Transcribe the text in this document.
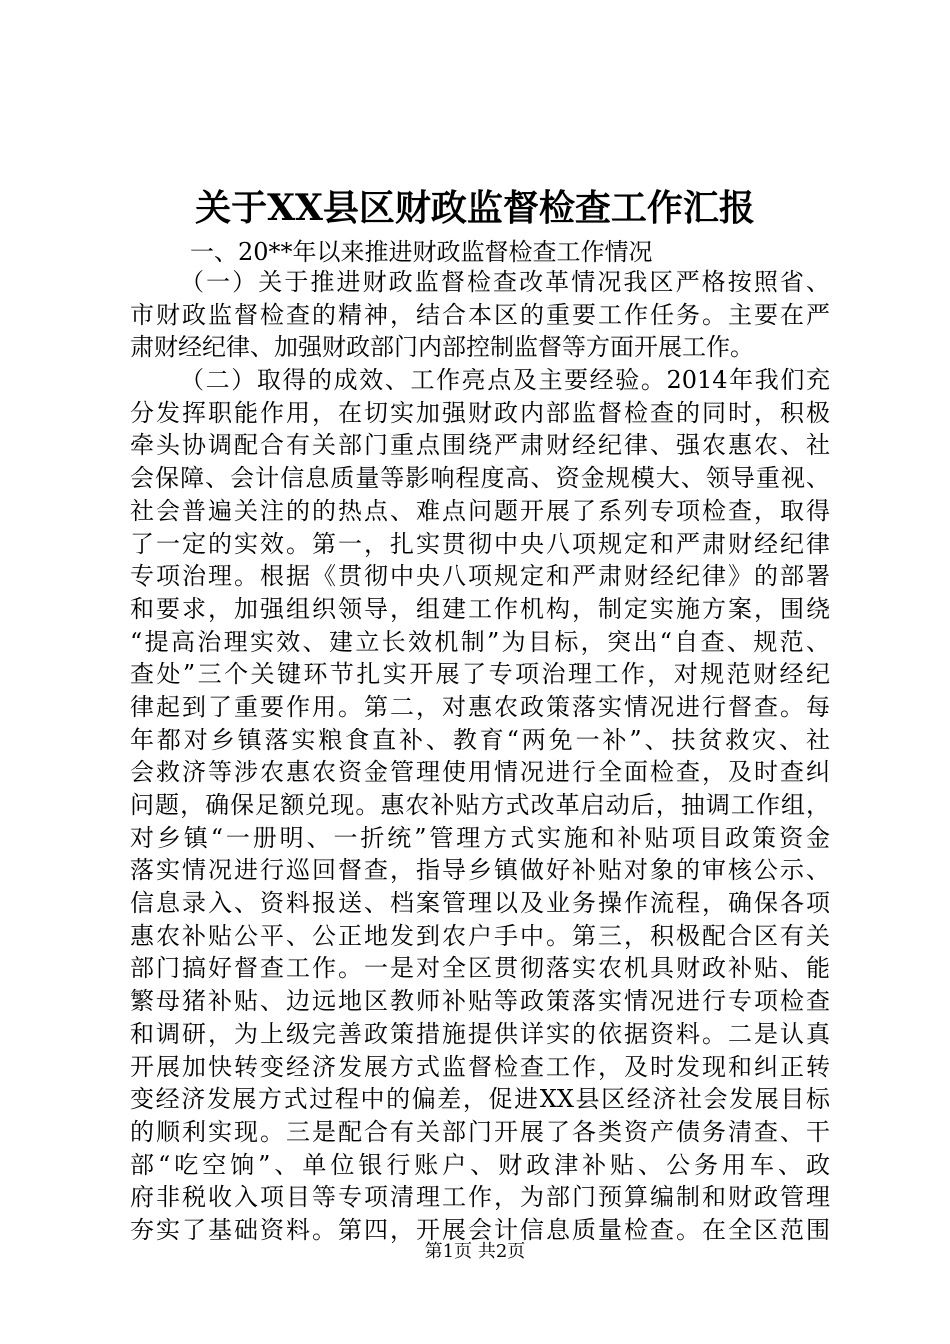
关于XX县区财政监督检查工作汇报
一、20**年以来推进财政监督检查工作情况
（一）关于推进财政监督检查改革情况我区严格按照省、
市财政监督检查的精神，结合本区的重要工作任务。主要在严
肃财经纪律、加强财政部门内部控制监督等方面开展工作。
（二）取得的成效、工作亮点及主要经验。2014年我们充
分发挥职能作用，在切实加强财政内部监督检查的同时，积极
牵头协调配合有关部门重点围绕严肃财经纪律、强农惠农、社
会保障、会计信息质量等影响程度高、资金规模大、领导重视、
社会普遍关注的的热点、难点问题开展了系列专项检查，取得
了一定的实效。第一，扎实贯彻中央八项规定和严肃财经纪律
专项治理。根据《贯彻中央八项规定和严肃财经纪律》的部署
和要求，加强组织领导，组建工作机构，制定实施方案，围绕
“提高治理实效、建立长效机制”为目标，突出“自查、规范、
查处”三个关键环节扎实开展了专项治理工作，对规范财经纪
律起到了重要作用。第二，对惠农政策落实情况进行督查。每
年都对乡镇落实粮食直补、教育“两免一补”、扶贫救灾、社
会救济等涉农惠农资金管理使用情况进行全面检查，及时查纠
问题，确保足额兑现。惠农补贴方式改革启动后，抽调工作组，
对乡镇“一册明、一折统”管理方式实施和补贴项目政策资金
落实情况进行巡回督查，指导乡镇做好补贴对象的审核公示、
信息录入、资料报送、档案管理以及业务操作流程，确保各项
惠农补贴公平、公正地发到农户手中。第三，积极配合区有关
部门搞好督查工作。一是对全区贯彻落实农机具财政补贴、能
繁母猪补贴、边远地区教师补贴等政策落实情况进行专项检查
和调研，为上级完善政策措施提供详实的依据资料。二是认真
开展加快转变经济发展方式监督检查工作，及时发现和纠正转
变经济发展方式过程中的偏差，促进XX县区经济社会发展目标
的顺利实现。三是配合有关部门开展了各类资产债务清查、干
部“吃空饷”、单位银行账户、财政津补贴、公务用车、政
府非税收入项目等专项清理工作，为部门预算编制和财政管理
夯实了基础资料。第四，开展会计信息质量检查。在全区范围
第1页 共2页
